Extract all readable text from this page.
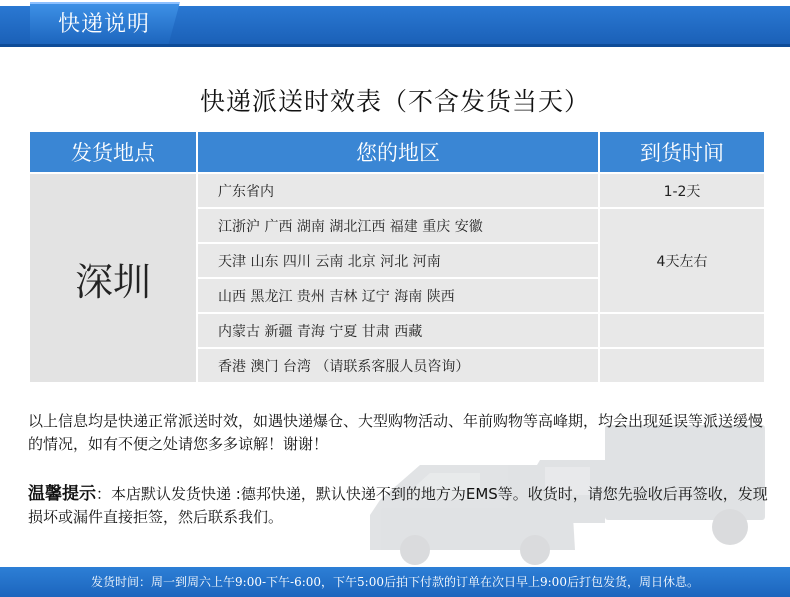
快递说明
快递派送时效表（不含发货当天）
发货地点	您的地区	到货时间
深圳	广东省内	1-2天
	江浙沪 广西 湖南 湖北江西 福建 重庆 安徽	4天左右
	天津 山东 四川 云南 北京 河北 河南	
	山西 黑龙江 贵州 吉林 辽宁 海南 陕西	
	内蒙古 新疆 青海 宁夏 甘肃 西藏	
	香港 澳门 台湾 （请联系客服人员咨询）	
以上信息均是快递正常派送时效，如遇快递爆仓、大型购物活动、年前购物等高峰期，均会出现延误等派送缓慢的情况，如有不便之处请您多多谅解！谢谢！
温馨提示：本店默认发货快递 :德邦快递，默认快递不到的地方为EMS等。收货时，请您先验收后再签收，发现损坏或漏件直接拒签，然后联系我们。
发货时间：周一到周六上午9:00-下午-6:00，下午5:00后拍下付款的订单在次日早上9:00后打包发货，周日休息。
